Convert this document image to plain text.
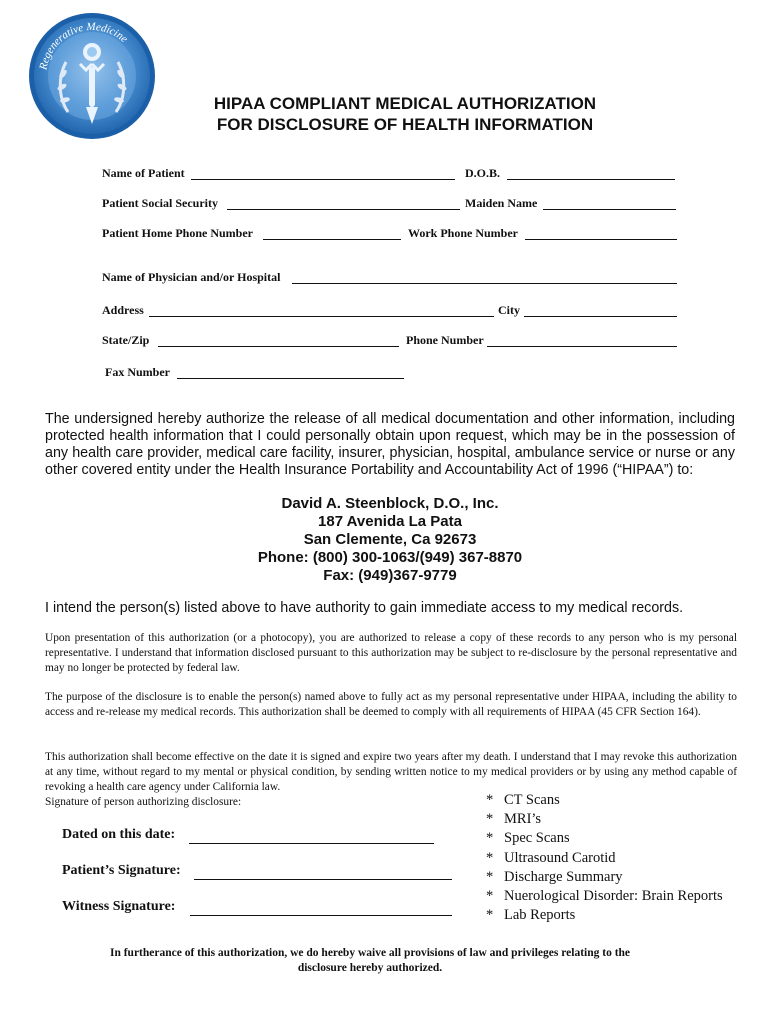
Regenerative Medicine
HIPAA COMPLIANT MEDICAL AUTHORIZATION
FOR DISCLOSURE OF HEALTH INFORMATION
Name of Patient	D.O.B.
Patient Social Security	Maiden Name
Patient Home Phone Number	Work Phone Number
Name of Physician and/or Hospital
Address	City
State/Zip	Phone Number
Fax Number
The undersigned hereby authorize the release of all medical documentation and other information, including protected health information that I could personally obtain upon request, which may be in the possession of any health care provider, medical care facility, insurer, physician, hospital, ambulance service or nurse or any other covered entity under the Health Insurance Portability and Accountability Act of 1996 (“HIPAA”) to:
David A. Steenblock, D.O., Inc.
187 Avenida La Pata
San Clemente, Ca 92673
Phone: (800) 300-1063/(949) 367-8870
Fax: (949)367-9779
I intend the person(s) listed above to have authority to gain immediate access to my medical records.
Upon presentation of this authorization (or a photocopy), you are authorized to release a copy of these records to any person who is my personal representative. I understand that information disclosed pursuant to this authorization may be subject to re-disclosure by the personal representative and may no longer be protected by federal law.
The purpose of the disclosure is to enable the person(s) named above to fully act as my personal representative under HIPAA, including the ability to access and re-release my medical records. This authorization shall be deemed to comply with all requirements of HIPAA (45 CFR Section 164).
This authorization shall become effective on the date it is signed and expire two years after my death. I understand that I may revoke this authorization at any time, without regard to my mental or physical condition, by sending written notice to my medical providers or by using any method capable of revoking a health care agency under California law.
Signature of person authorizing disclosure:
Dated on this date:
Patient’s Signature:
Witness Signature:
* CT Scans
* MRI’s
* Spec Scans
* Ultrasound Carotid
* Discharge Summary
* Nuerological Disorder: Brain Reports
* Lab Reports
In furtherance of this authorization, we do hereby waive all provisions of law and privileges relating to the
disclosure hereby authorized.
